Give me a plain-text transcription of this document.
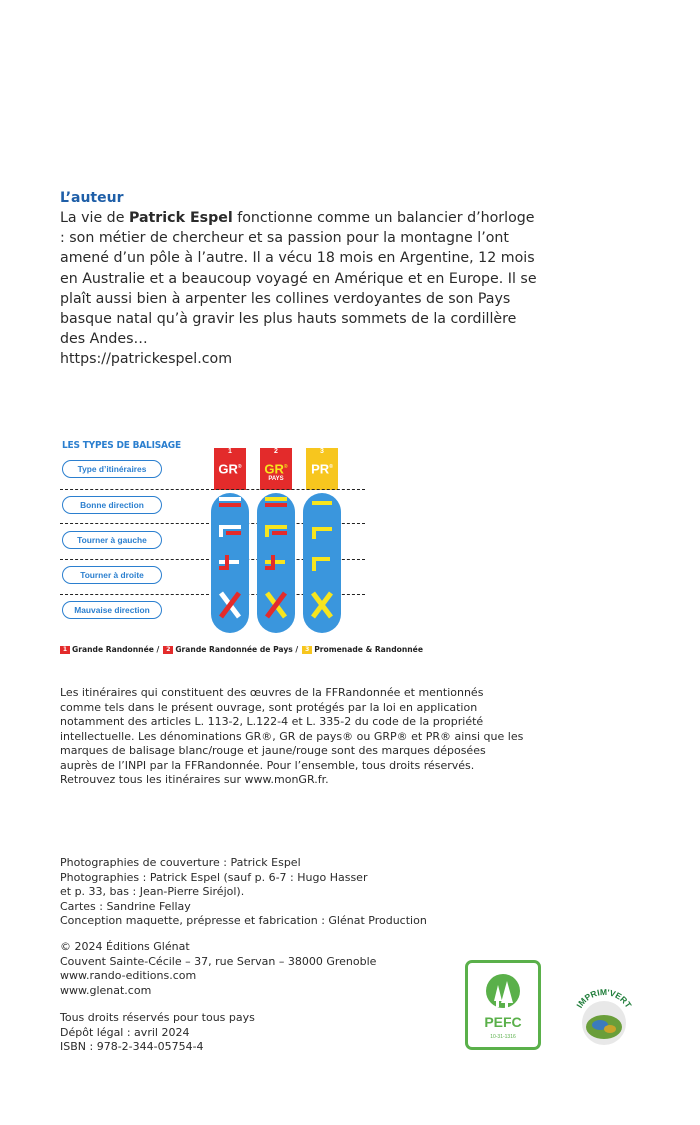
L’auteur
La vie de Patrick Espel fonctionne comme un balancier d’horloge : son métier de chercheur et sa passion pour la montagne l’ont amené d’un pôle à l’autre. Il a vécu 18 mois en Argentine, 12 mois en Australie et a beaucoup voyagé en Amérique et en Europe. Il se plaît aussi bien à arpenter les collines verdoyantes de son Pays basque natal qu’à gravir les plus hauts sommets de la cordillère des Andes…
https://patrickespel.com
LES TYPES DE BALISAGE
1
GR®
2
GR®
PAYS
3
PR®
Type d’itinéraires
Bonne direction
Tourner à gauche
Tourner à droite
Mauvaise direction
1 Grande Randonnée /	2 Grande Randonnée de Pays /	3 Promenade & Randonnée
Les itinéraires qui constituent des œuvres de la FFRandonnée et mentionnés
comme tels dans le présent ouvrage, sont protégés par la loi en application
notamment des articles L. 113-2, L.122-4 et L. 335-2 du code de la propriété
intellectuelle. Les dénominations GR®, GR de pays® ou GRP® et PR® ainsi que les
marques de balisage blanc/rouge et jaune/rouge sont des marques déposées
auprès de l’INPI par la FFRandonnée. Pour l’ensemble, tous droits réservés.
Retrouvez tous les itinéraires sur www.monGR.fr.
Photographies de couverture : Patrick Espel
Photographies : Patrick Espel (sauf p. 6-7 : Hugo Hasser
et p. 33, bas : Jean-Pierre Siréjol).
Cartes : Sandrine Fellay
Conception maquette, prépresse et fabrication : Glénat Production
© 2024 Éditions Glénat
Couvent Sainte-Cécile – 37, rue Servan – 38000 Grenoble
www.rando-editions.com
www.glenat.com
Tous droits réservés pour tous pays
Dépôt légal : avril 2024
ISBN : 978-2-344-05754-4
PEFC
10-31-1316
IMPRIM'VERT
